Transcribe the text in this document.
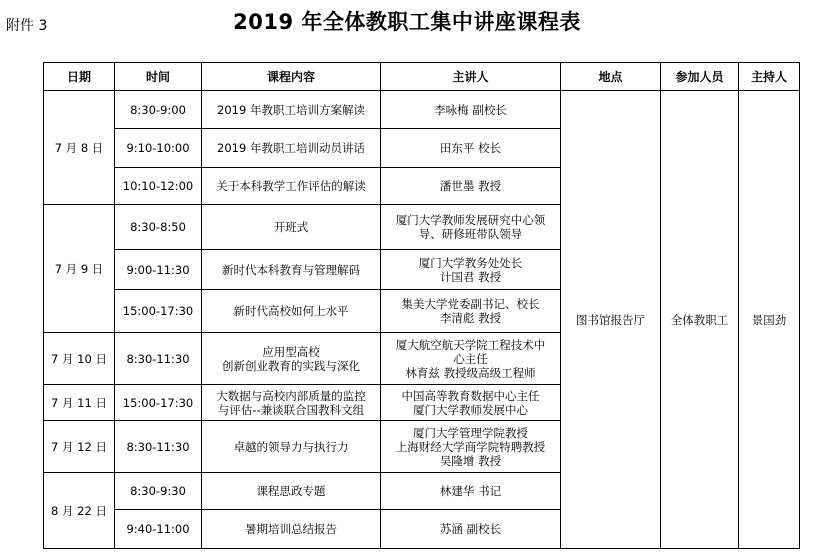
附件 3	2019 年全体教职工集中讲座课程表
日期	时间	课程内容	主讲人	地点	参加人员	主持人
7 月 8 日	8:30-9:00	2019 年教职工培训方案解读	李咏梅 副校长	图书馆报告厅	全体教职工	景国劲
	9:10-10:00	2019 年教职工培训动员讲话	田东平 校长			

	10:10-12:00	关于本科教学工作评估的解读	潘世墨 教授			

7 月 9 日	8:30-8:50	开班式	厦门大学教师发展研究中心领
导、研修班带队领导			

	9:00-11:30	新时代本科教育与管理解码	厦门大学教务处处长
计国君 教授			

	15:00-17:30	新时代高校如何上水平	集美大学党委副书记、校长
李清彪 教授			

7 月 10 日	8:30-11:30	应用型高校
创新创业教育的实践与深化	厦大航空航天学院工程技术中
心主任
林育兹 教授级高级工程师			

7 月 11 日	15:00-17:30	大数据与高校内部质量的监控
与评估--兼谈联合国教科文组	中国高等教育数据中心主任
厦门大学教师发展中心			

7 月 12 日	8:30-11:30	卓越的领导力与执行力	厦门大学管理学院教授
上海财经大学商学院特聘教授
吴隆增 教授			

8 月 22 日	8:30-9:30	课程思政专题	林建华 书记			

	9:40-11:00	暑期培训总结报告	苏涵 副校长			
